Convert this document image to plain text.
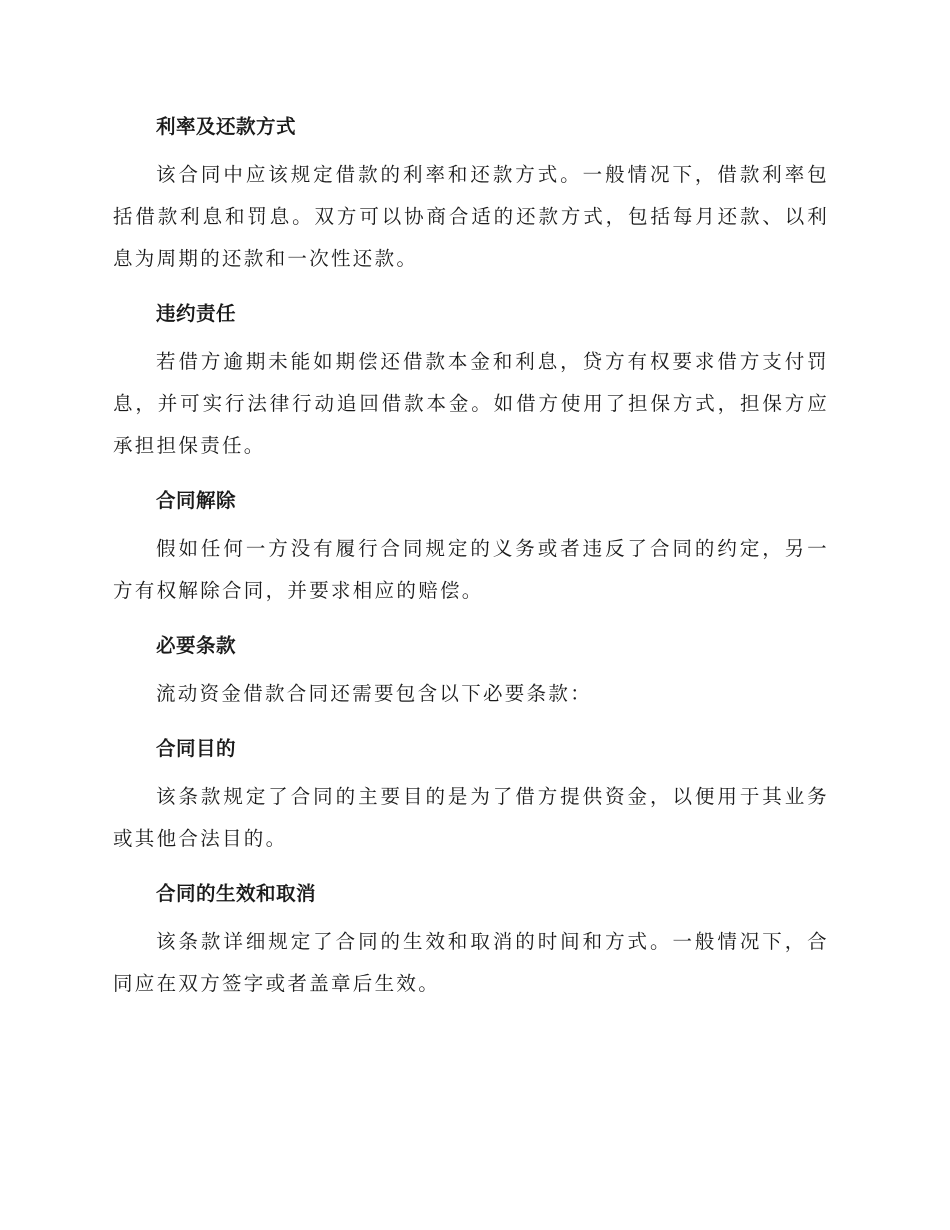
利率及还款方式

该合同中应该规定借款的利率和还款方式。一般情况下，借款利率包括借款利息和罚息。双方可以协商合适的还款方式，包括每月还款、以利息为周期的还款和一次性还款。

违约责任

若借方逾期未能如期偿还借款本金和利息，贷方有权要求借方支付罚息，并可实行法律行动追回借款本金。如借方使用了担保方式，担保方应承担担保责任。

合同解除

假如任何一方没有履行合同规定的义务或者违反了合同的约定，另一方有权解除合同，并要求相应的赔偿。

必要条款

流动资金借款合同还需要包含以下必要条款：

合同目的

该条款规定了合同的主要目的是为了借方提供资金，以便用于其业务或其他合法目的。

合同的生效和取消

该条款详细规定了合同的生效和取消的时间和方式。一般情况下，合同应在双方签字或者盖章后生效。
